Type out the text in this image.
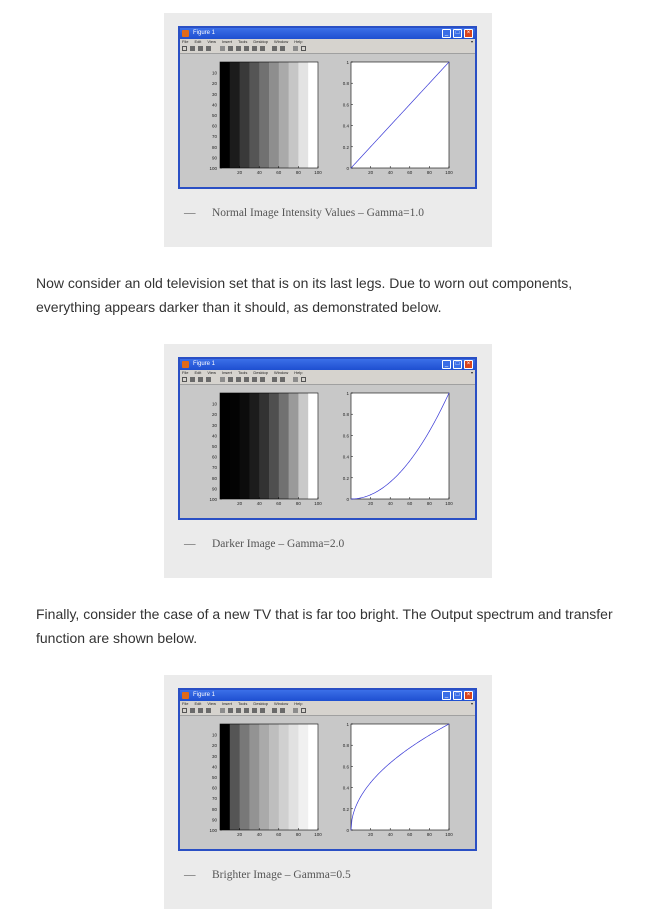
Figure 1	_	□	×
File Edit View Insert Tools Desktop Window Help	▾
10
20
30
40
50
60
70
80
90
100
20	40	60	80	100
0
0.2
0.4
0.6
0.8
1
20	40	60	80	100
— Normal Image Intensity Values – Gamma=1.0
Now consider an old television set that is on its last legs. Due to worn out components, everything appears darker than it should, as demonstrated below.
Figure 1	_	□	×
File Edit View Insert Tools Desktop Window Help	▾
10
20
30
40
50
60
70
80
90
100
20	40	60	80	100
0
0.2
0.4
0.6
0.8
1
20	40	60	80	100
— Darker Image – Gamma=2.0
Finally, consider the case of a new TV that is far too bright. The Output spectrum and transfer function are shown below.
Figure 1	_	□	×
File Edit View Insert Tools Desktop Window Help	▾
10
20
30
40
50
60
70
80
90
100
20	40	60	80	100
0
0.2
0.4
0.6
0.8
1
20	40	60	80	100
— Brighter Image – Gamma=0.5
